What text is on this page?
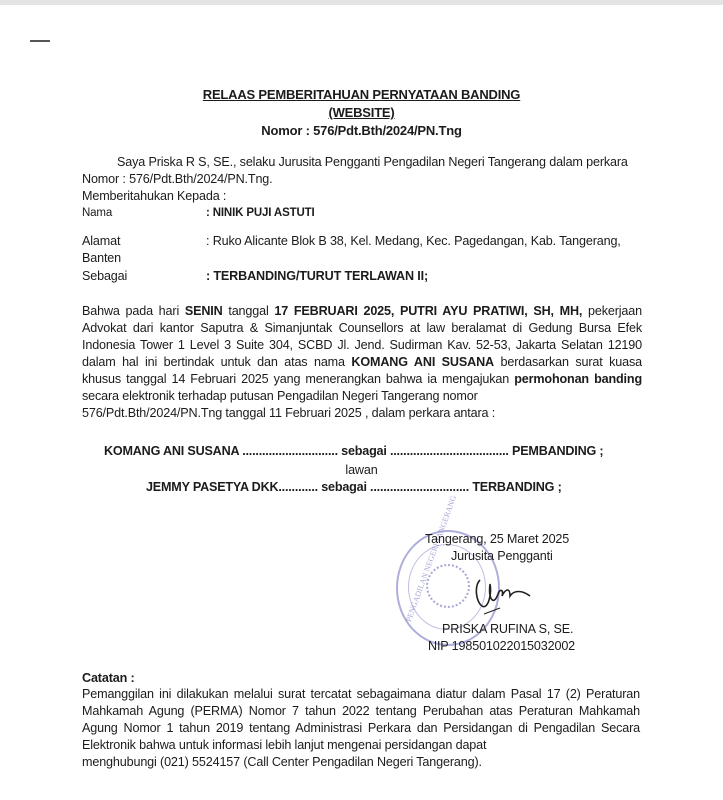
RELAAS PEMBERITAHUAN PERNYATAAN BANDING
(WEBSITE)
Nomor : 576/Pdt.Bth/2024/PN.Tng
Saya Priska R S, SE., selaku Jurusita Pengganti Pengadilan Negeri Tangerang dalam perkara
Nomor : 576/Pdt.Bth/2024/PN.Tng.
Memberitahukan Kepada :
Nama	: NINIK PUJI ASTUTI
Alamat	: Ruko Alicante Blok B 38, Kel. Medang, Kec. Pagedangan, Kab. Tangerang,
Banten
Sebagai	: TERBANDING/TURUT TERLAWAN II;
Bahwa pada hari SENIN tanggal 17 FEBRUARI 2025, PUTRI AYU PRATIWI, SH, MH, pekerjaan Advokat dari kantor Saputra & Simanjuntak Counsellors at law beralamat di Gedung Bursa Efek Indonesia Tower 1 Level 3 Suite 304, SCBD Jl. Jend. Sudirman Kav. 52-53, Jakarta Selatan 12190 dalam hal ini bertindak untuk dan atas nama KOMANG ANI SUSANA berdasarkan surat kuasa khusus tanggal 14 Februari 2025 yang menerangkan bahwa ia mengajukan permohonan banding secara elektronik terhadap putusan Pengadilan Negeri Tangerang nomor
576/Pdt.Bth/2024/PN.Tng tanggal 11 Februari 2025 , dalam perkara antara :
KOMANG ANI SUSANA ............................. sebagai .................................... PEMBANDING ;
lawan
JEMMY PASETYA DKK............ sebagai .............................. TERBANDING ;
PENGADILAN NEGERI TANGERANG
Tangerang, 25 Maret 2025
Jurusita Pengganti
PRISKA RUFINA S, SE.
NIP 198501022015032002
Catatan :
Pemanggilan ini dilakukan melalui surat tercatat sebagaimana diatur dalam Pasal 17 (2) Peraturan Mahkamah Agung (PERMA) Nomor 7 tahun 2022 tentang Perubahan atas Peraturan Mahkamah Agung Nomor 1 tahun 2019 tentang Administrasi Perkara dan Persidangan di Pengadilan Secara Elektronik bahwa untuk informasi lebih lanjut mengenai persidangan dapat
menghubungi (021) 5524157 (Call Center Pengadilan Negeri Tangerang).
